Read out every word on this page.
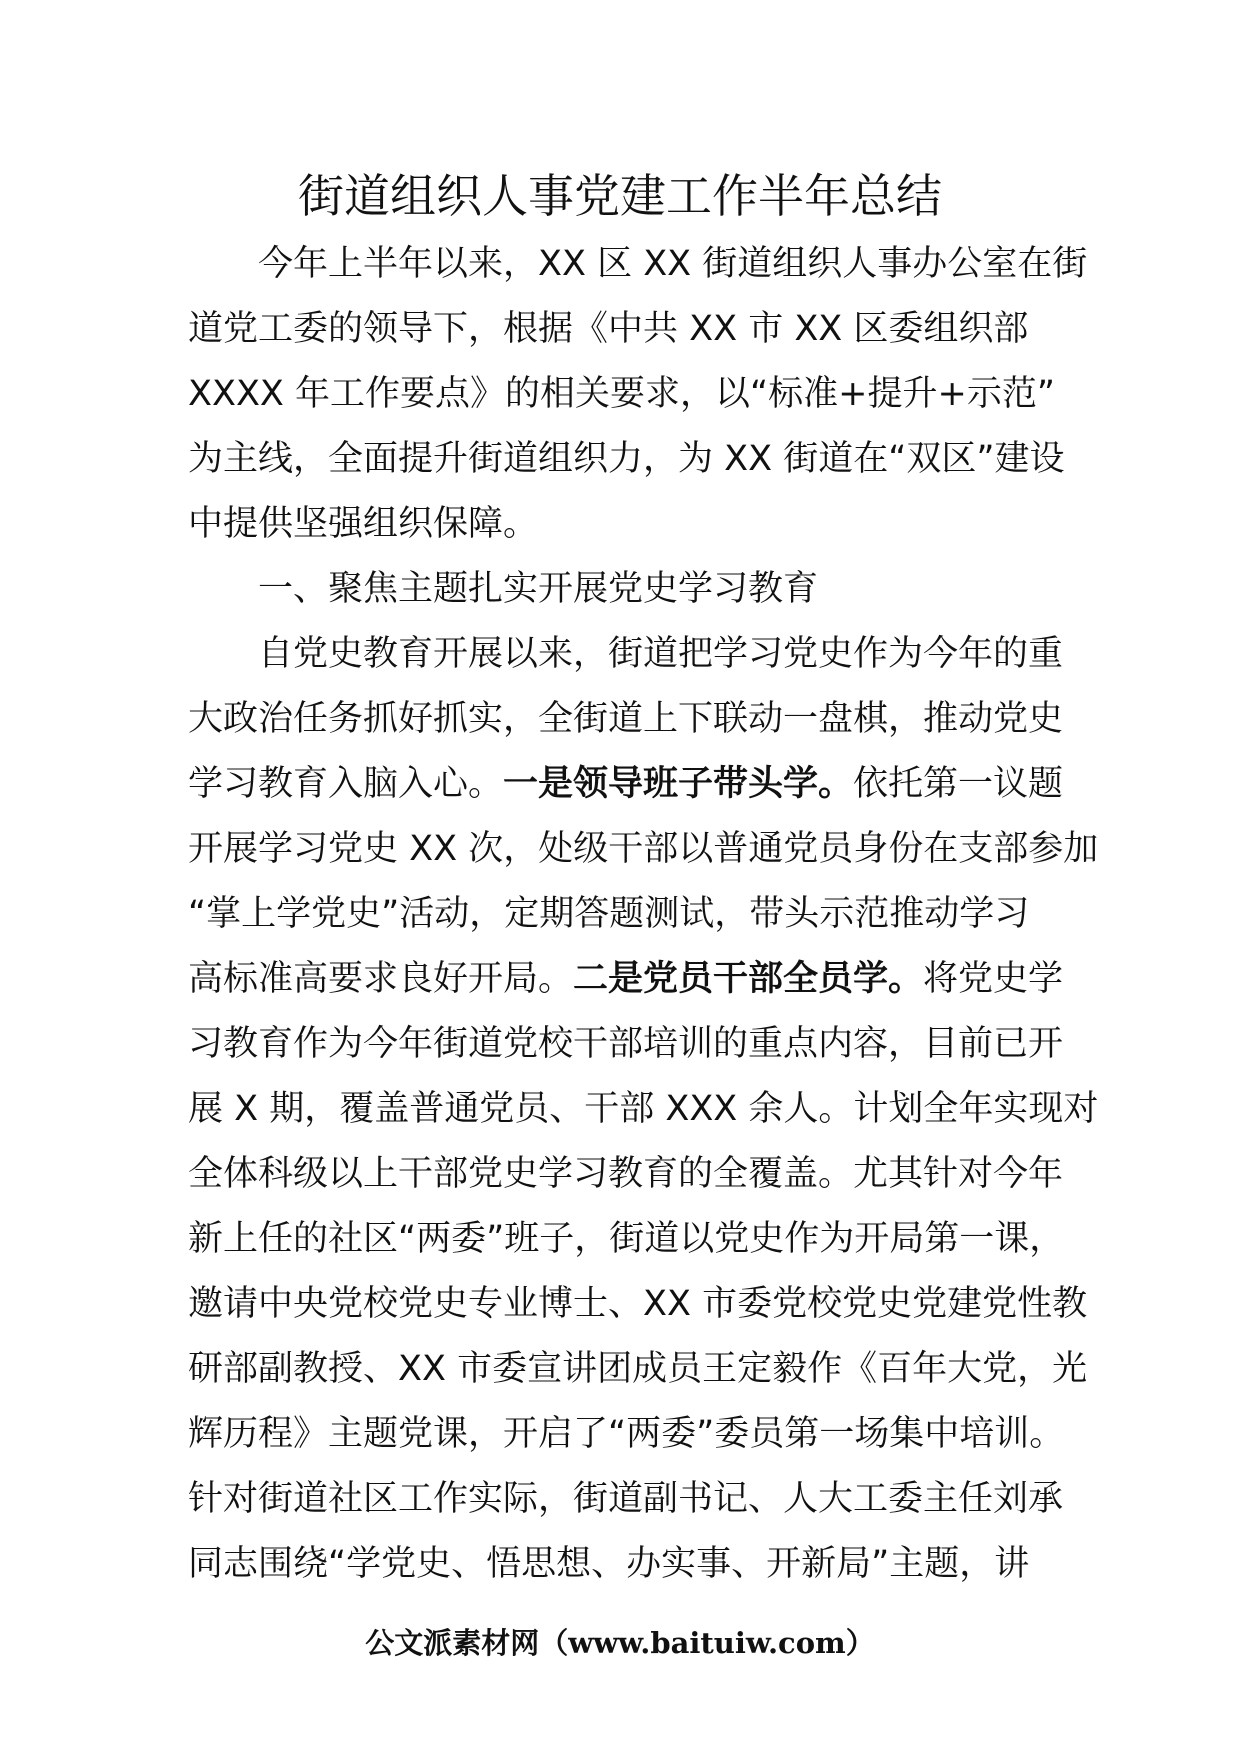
街道组织人事党建工作半年总结
今年上半年以来，XX 区 XX 街道组织人事办公室在街
道党工委的领导下，根据《中共 XX 市 XX 区委组织部
XXXX 年工作要点》的相关要求，以“标准+提升+示范”
为主线，全面提升街道组织力，为 XX 街道在“双区”建设
中提供坚强组织保障。
一、聚焦主题扎实开展党史学习教育
自党史教育开展以来，街道把学习党史作为今年的重
大政治任务抓好抓实，全街道上下联动一盘棋，推动党史
学习教育入脑入心。一是领导班子带头学。依托第一议题
开展学习党史 XX 次，处级干部以普通党员身份在支部参加
“掌上学党史”活动，定期答题测试，带头示范推动学习
高标准高要求良好开局。二是党员干部全员学。将党史学
习教育作为今年街道党校干部培训的重点内容，目前已开
展 X 期，覆盖普通党员、干部 XXX 余人。计划全年实现对
全体科级以上干部党史学习教育的全覆盖。尤其针对今年
新上任的社区“两委”班子，街道以党史作为开局第一课，
邀请中央党校党史专业博士、XX 市委党校党史党建党性教
研部副教授、XX 市委宣讲团成员王定毅作《百年大党，光
辉历程》主题党课，开启了“两委”委员第一场集中培训。
针对街道社区工作实际，街道副书记、人大工委主任刘承
同志围绕“学党史、悟思想、办实事、开新局”主题，讲
公文派素材网（www.baituiw.com）
